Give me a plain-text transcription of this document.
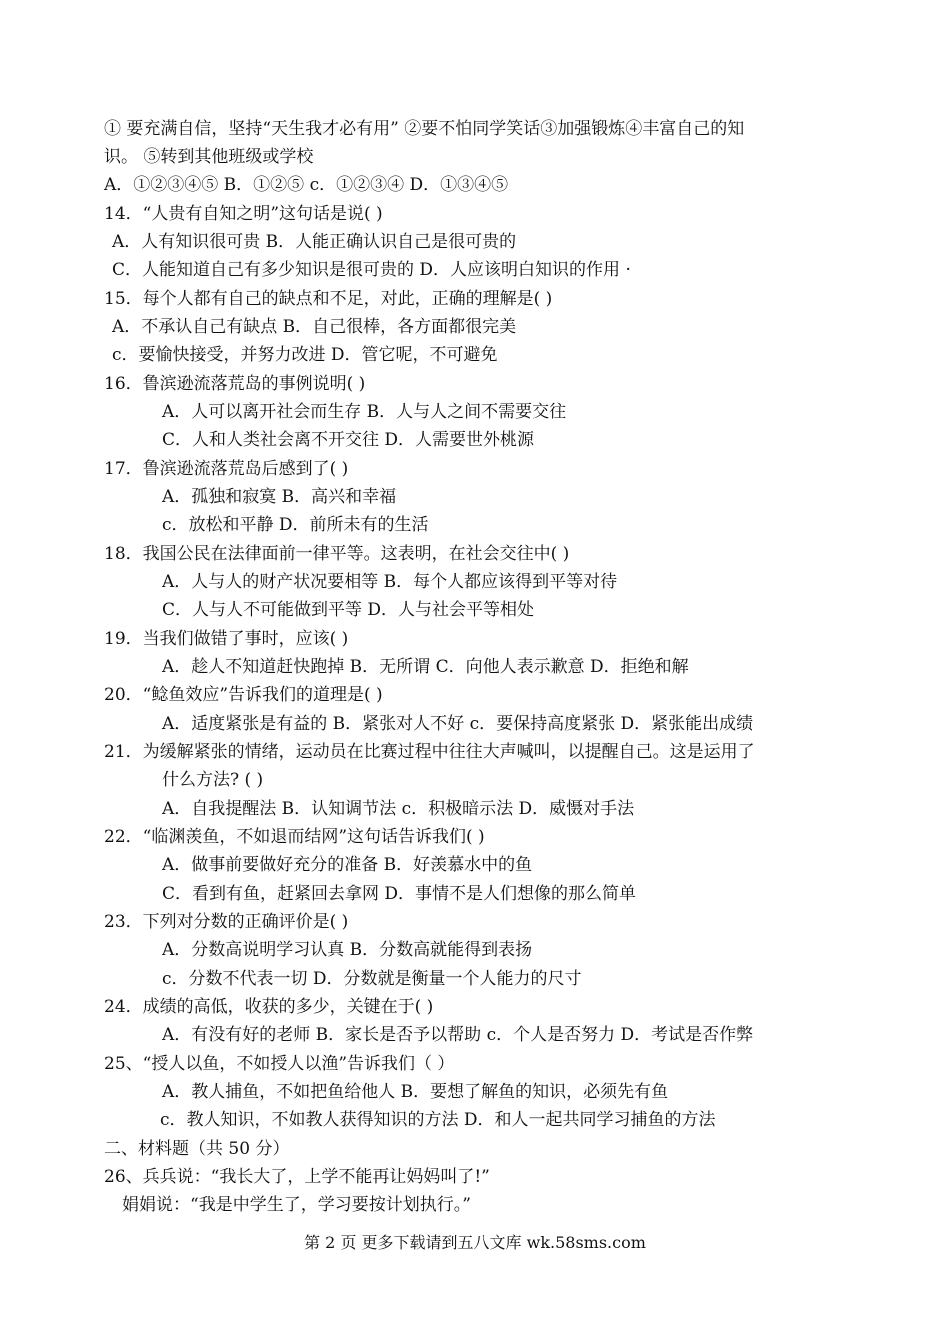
① 要充满自信，坚持“天生我才必有用” ②要不怕同学笑话③加强锻炼④丰富自己的知
识。 ⑤转到其他班级或学校
A．①②③④⑤ B．①②⑤ c．①②③④ D．①③④⑤
14．“人贵有自知之明”这句话是说( )
A．人有知识很可贵 B．人能正确认识自己是很可贵的
C．人能知道自己有多少知识是很可贵的 D．人应该明白知识的作用 ·
15．每个人都有自己的缺点和不足，对此，正确的理解是( )
A．不承认自己有缺点 B．自己很棒，各方面都很完美
c．要愉快接受，并努力改进 D．管它呢，不可避免
16．鲁滨逊流落荒岛的事例说明( )
A．人可以离开社会而生存 B．人与人之间不需要交往
C．人和人类社会离不开交往 D．人需要世外桃源
17．鲁滨逊流落荒岛后感到了( )
A．孤独和寂寞 B．高兴和幸福
c．放松和平静 D．前所未有的生活
18．我国公民在法律面前一律平等。这表明，在社会交往中( )
A．人与人的财产状况要相等 B．每个人都应该得到平等对待
C．人与人不可能做到平等 D．人与社会平等相处
19．当我们做错了事时，应该( )
A．趁人不知道赶快跑掉 B．无所谓 C．向他人表示歉意 D．拒绝和解
20．“鲶鱼效应”告诉我们的道理是( )
A．适度紧张是有益的 B．紧张对人不好 c．要保持高度紧张 D．紧张能出成绩
21．为缓解紧张的情绪，运动员在比赛过程中往往大声喊叫，以提醒自己。这是运用了
什么方法? ( )
A．自我提醒法 B．认知调节法 c．积极暗示法 D．威慑对手法
22．“临渊羡鱼，不如退而结网”这句话告诉我们( )
A．做事前要做好充分的准备 B．好羡慕水中的鱼
C．看到有鱼，赶紧回去拿网 D．事情不是人们想像的那么简单
23．下列对分数的正确评价是( )
A．分数高说明学习认真 B．分数高就能得到表扬
c．分数不代表一切 D．分数就是衡量一个人能力的尺寸
24．成绩的高低，收获的多少，关键在于( )
A．有没有好的老师 B．家长是否予以帮助 c．个人是否努力 D．考试是否作弊
25、“授人以鱼，不如授人以渔”告诉我们（ ）
A．教人捕鱼，不如把鱼给他人 B．要想了解鱼的知识，必须先有鱼
c．教人知识，不如教人获得知识的方法 D．和人一起共同学习捕鱼的方法
二、材料题（共 50 分）
26、兵兵说：“我长大了，上学不能再让妈妈叫了!”
娟娟说：“我是中学生了，学习要按计划执行。”
第 2 页 更多下载请到五八文库 wk.58sms.com
